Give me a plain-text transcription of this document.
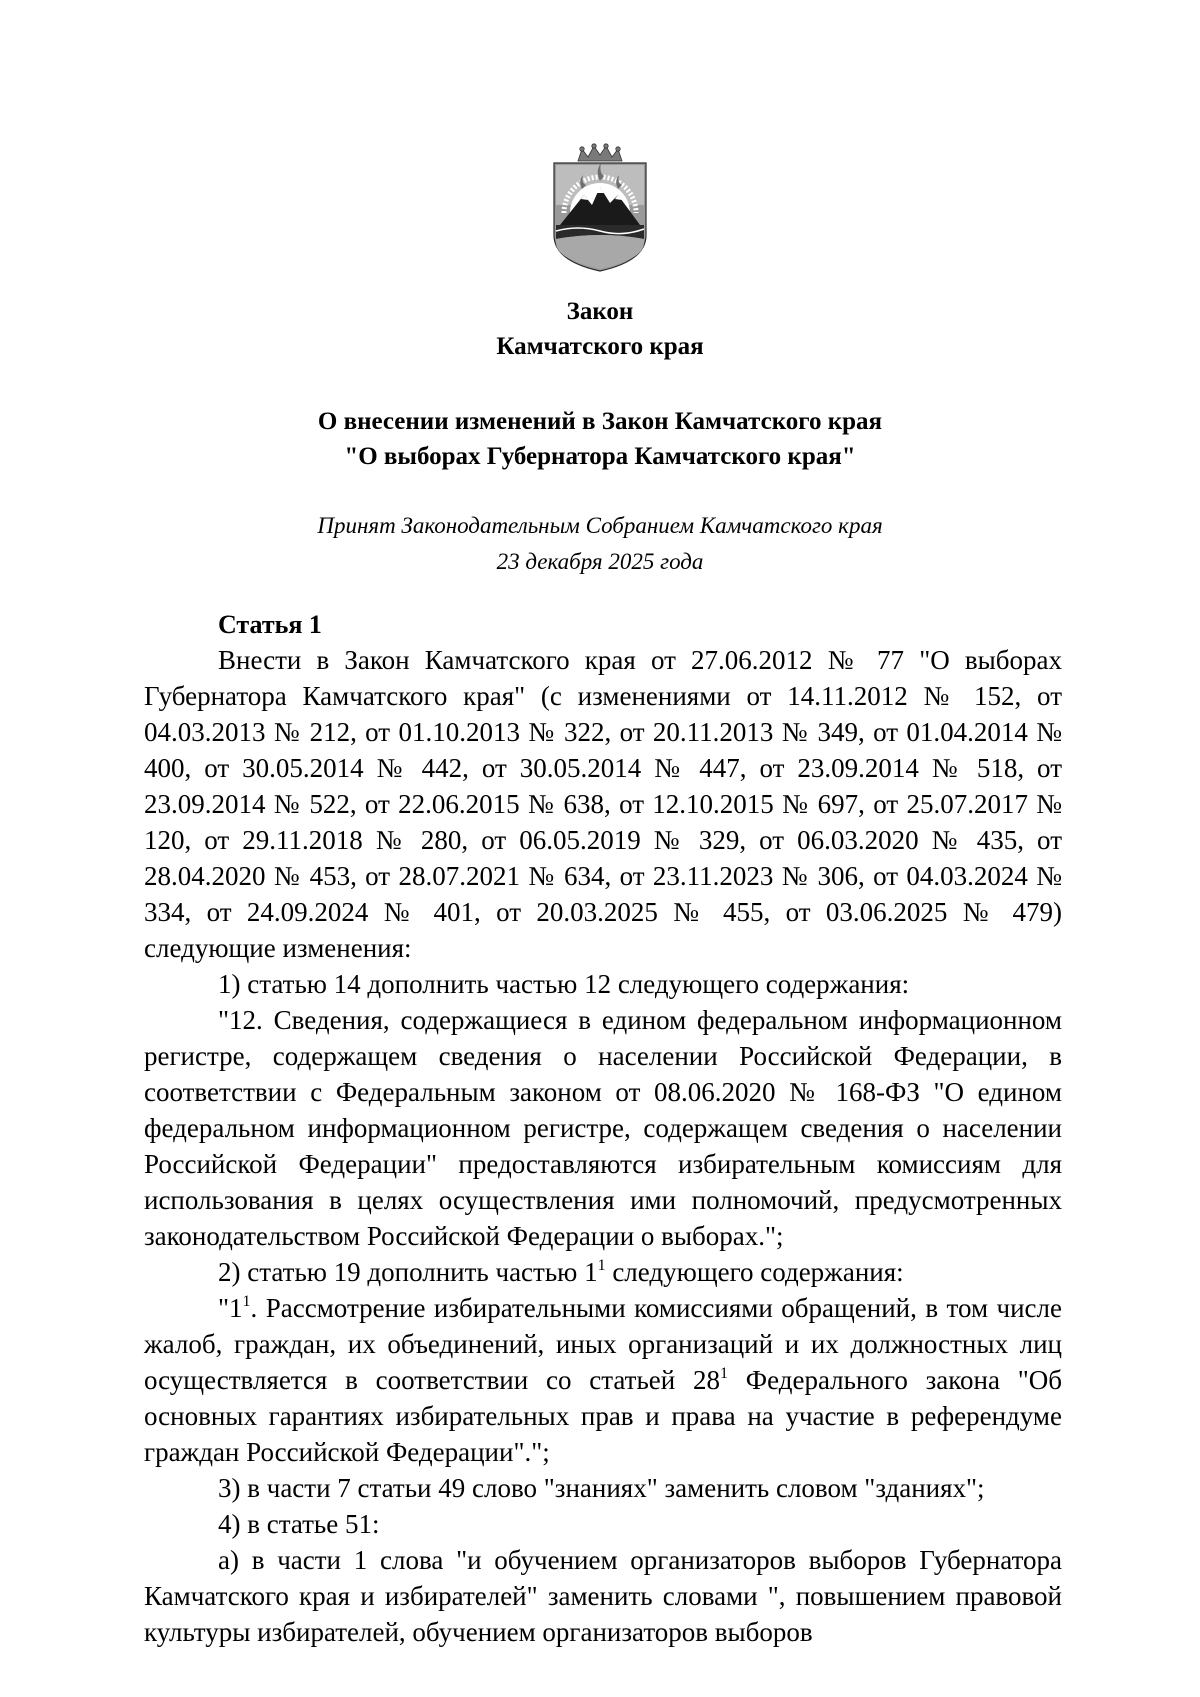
Закон
Камчатского края
О внесении изменений в Закон Камчатского края
"О выборах Губернатора Камчатского края"
Принят Законодательным Собранием Камчатского края
23 декабря 2025 года
Статья 1

Внести в Закон Камчатского края от 27.06.2012 № 77 "О выборах Губернатора Камчатского края" (с изменениями от 14.11.2012 № 152, от 04.03.2013 № 212, от 01.10.2013 № 322, от 20.11.2013 № 349, от 01.04.2014 № 400, от 30.05.2014 № 442, от 30.05.2014 № 447, от 23.09.2014 № 518, от 23.09.2014 № 522, от 22.06.2015 № 638, от 12.10.2015 № 697, от 25.07.2017 № 120, от 29.11.2018 № 280, от 06.05.2019 № 329, от 06.03.2020 № 435, от 28.04.2020 № 453, от 28.07.2021 № 634, от 23.11.2023 № 306, от 04.03.2024 № 334, от 24.09.2024 № 401, от 20.03.2025 № 455, от 03.06.2025 № 479) следующие изменения:

1) статью 14 дополнить частью 12 следующего содержания:

"12. Сведения, содержащиеся в едином федеральном информационном регистре, содержащем сведения о населении Российской Федерации, в соответствии с Федеральным законом от 08.06.2020 № 168-ФЗ "О едином федеральном информационном регистре, содержащем сведения о населении Российской Федерации" предоставляются избирательным комиссиям для использования в целях осуществления ими полномочий, предусмотренных законодательством Российской Федерации о выборах.";

2) статью 19 дополнить частью $1^1$ следующего содержания:

"$1^1$. Рассмотрение избирательными комиссиями обращений, в том числе жалоб, граждан, их объединений, иных организаций и их должностных лиц осуществляется в соответствии со статьей $28^1$ Федерального закона "Об основных гарантиях избирательных прав и права на участие в референдуме граждан Российской Федерации".";

3) в части 7 статьи 49 слово "знаниях" заменить словом "зданиях";

4) в статье 51:

а) в части 1 слова "и обучением организаторов выборов Губернатора Камчатского края и избирателей" заменить словами ", повышением правовой культуры избирателей, обучением организаторов выборов
